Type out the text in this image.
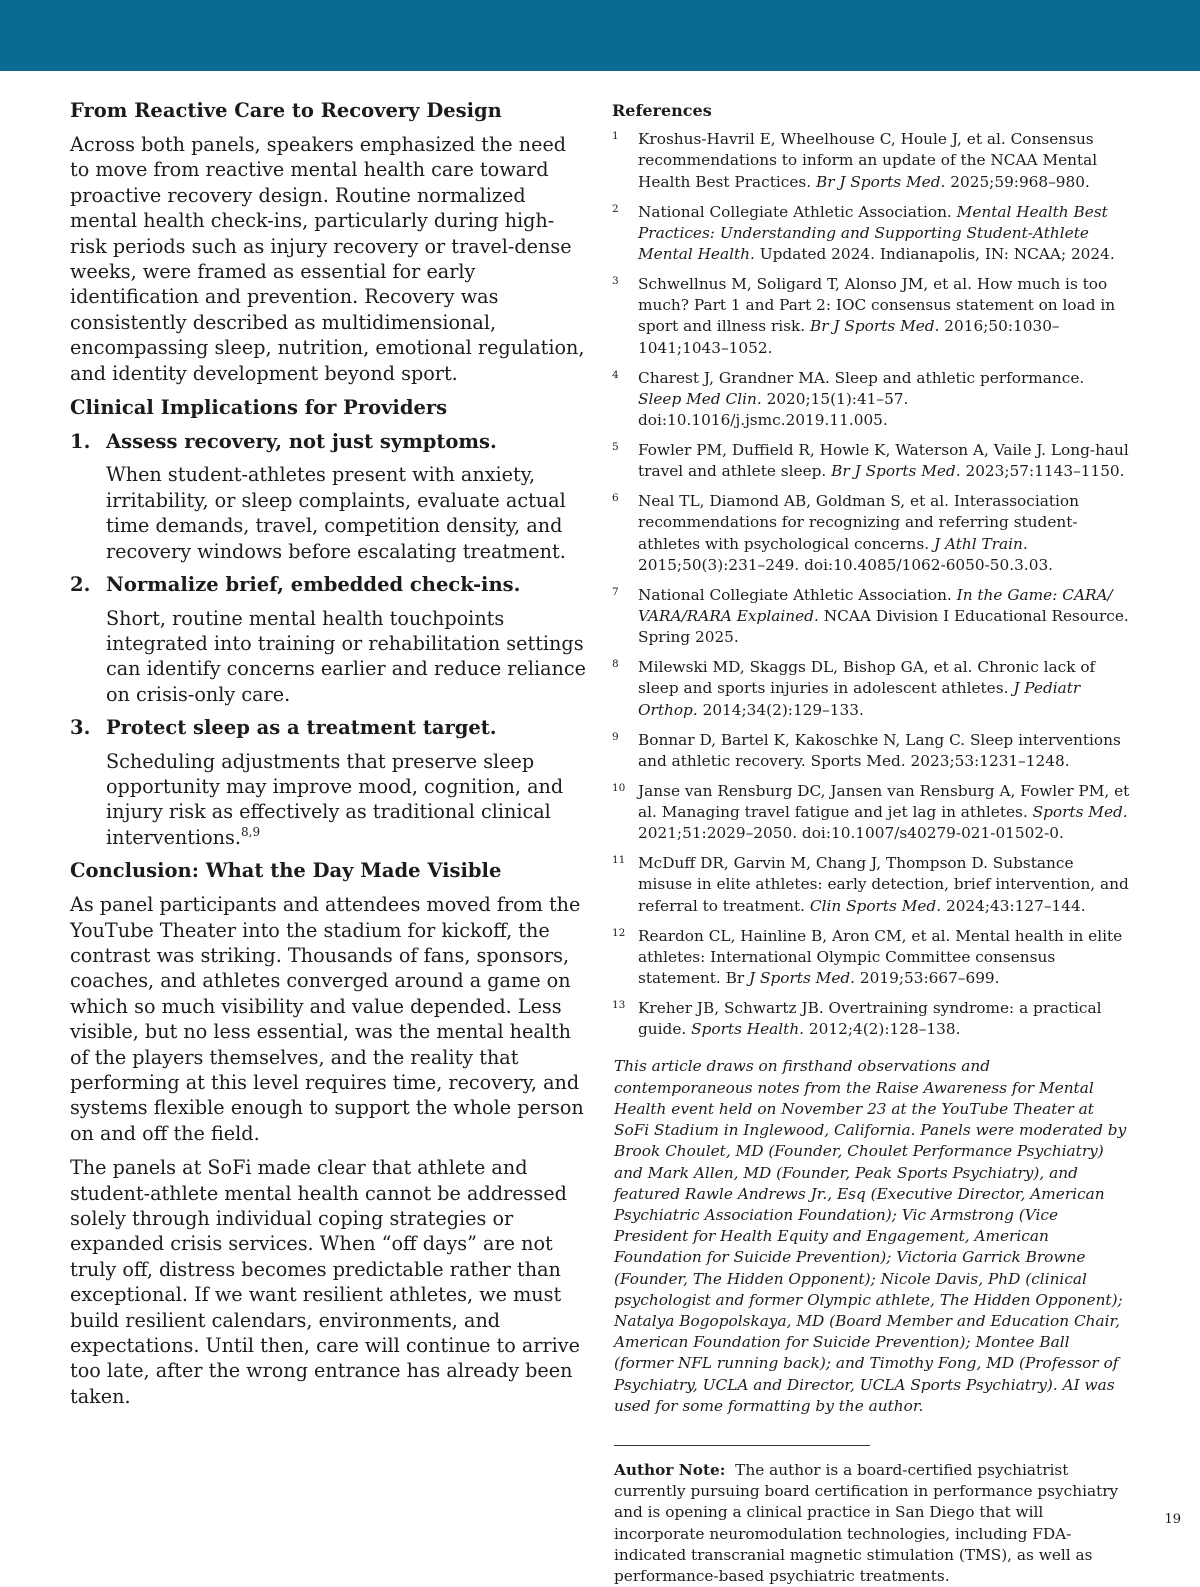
From Reactive Care to Recovery Design

Across both panels, speakers emphasized the need to move from reactive mental health care toward proactive recovery design. Routine normalized mental health check-ins, particularly during high-risk periods such as injury recovery or travel-dense weeks, were framed as essential for early identification and prevention. Recovery was consistently described as multidimensional, encompassing sleep, nutrition, emotional regulation, and identity development beyond sport.

Clinical Implications for Providers
1. Assess recovery, not just symptoms.
When student-athletes present with anxiety, irritability, or sleep complaints, evaluate actual time demands, travel, competition density, and recovery windows before escalating treatment.
2. Normalize brief, embedded check-ins.
Short, routine mental health touchpoints integrated into training or rehabilitation settings can identify concerns earlier and reduce reliance on crisis-only care.
3. Protect sleep as a treatment target.
Scheduling adjustments that preserve sleep opportunity may improve mood, cognition, and injury risk as effectively as traditional clinical interventions.$^{8,9}$
Conclusion: What the Day Made Visible

As panel participants and attendees moved from the YouTube Theater into the stadium for kickoff, the contrast was striking. Thousands of fans, sponsors, coaches, and athletes converged around a game on which so much visibility and value depended. Less visible, but no less essential, was the mental health of the players themselves, and the reality that performing at this level requires time, recovery, and systems flexible enough to support the whole person on and off the field.

The panels at SoFi made clear that athlete and student-athlete mental health cannot be addressed solely through individual coping strategies or expanded crisis services. When “off days” are not truly off, distress becomes predictable rather than exceptional. If we want resilient athletes, we must build resilient calendars, environments, and expectations. Until then, care will continue to arrive too late, after the wrong entrance has already been taken.

References
1	Kroshus-Havril E, Wheelhouse C, Houle J, et al. Consensus recommendations to inform an update of the NCAA Mental Health Best Practices. Br J Sports Med. 2025;59:968–980.
2	National Collegiate Athletic Association. Mental Health Best Practices: Understanding and Supporting Student-Athlete Mental Health. Updated 2024. Indianapolis, IN: NCAA; 2024.
3	Schwellnus M, Soligard T, Alonso JM, et al. How much is too much? Part 1 and Part 2: IOC consensus statement on load in sport and illness risk. Br J Sports Med. 2016;50:1030–1041;1043–1052.
4	Charest J, Grandner MA. Sleep and athletic performance. Sleep Med Clin. 2020;15(1):41–57. doi:10.1016/j.jsmc.2019.11.005.
5	Fowler PM, Duffield R, Howle K, Waterson A, Vaile J. Long-haul travel and athlete sleep. Br J Sports Med. 2023;57:1143–1150.
6	Neal TL, Diamond AB, Goldman S, et al. Interassociation recommendations for recognizing and referring student-athletes with psychological concerns. J Athl Train. 2015;50(3):231–249. doi:10.4085/1062-6050-50.3.03.
7	National Collegiate Athletic Association. In the Game: CARA/ VARA/RARA Explained. NCAA Division I Educational Resource. Spring 2025.
8	Milewski MD, Skaggs DL, Bishop GA, et al. Chronic lack of sleep and sports injuries in adolescent athletes. J Pediatr Orthop. 2014;34(2):129–133.
9	Bonnar D, Bartel K, Kakoschke N, Lang C. Sleep interventions and athletic recovery. Sports Med. 2023;53:1231–1248.
10 Janse van Rensburg DC, Jansen van Rensburg A, Fowler PM, et al. Managing travel fatigue and jet lag in athletes. Sports Med. 2021;51:2029–2050. doi:10.1007/s40279-021-01502-0.
11 McDuff DR, Garvin M, Chang J, Thompson D. Substance misuse in elite athletes: early detection, brief intervention, and referral to treatment. Clin Sports Med. 2024;43:127–144.
12 Reardon CL, Hainline B, Aron CM, et al. Mental health in elite athletes: International Olympic Committee consensus statement. Br J Sports Med. 2019;53:667–699.
13 Kreher JB, Schwartz JB. Overtraining syndrome: a practical guide. Sports Health. 2012;4(2):128–138.
This article draws on firsthand observations and contemporaneous notes from the Raise Awareness for Mental Health event held on November 23 at the YouTube Theater at SoFi Stadium in Inglewood, California. Panels were moderated by Brook Choulet, MD (Founder, Choulet Performance Psychiatry) and Mark Allen, MD (Founder, Peak Sports Psychiatry), and featured Rawle Andrews Jr., Esq (Executive Director, American Psychiatric Association Foundation); Vic Armstrong (Vice President for Health Equity and Engagement, American Foundation for Suicide Prevention); Victoria Garrick Browne (Founder, The Hidden Opponent); Nicole Davis, PhD (clinical psychologist and former Olympic athlete, The Hidden Opponent); Natalya Bogopolskaya, MD (Board Member and Education Chair, American Foundation for Suicide Prevention); Montee Ball (former NFL running back); and Timothy Fong, MD (Professor of Psychiatry, UCLA and Director, UCLA Sports Psychiatry). AI was used for some formatting by the author.
Author Note: The author is a board-certified psychiatrist currently pursuing board certification in performance psychiatry and is opening a clinical practice in San Diego that will incorporate neuromodulation technologies, including FDA-indicated transcranial magnetic stimulation (TMS), as well as performance-based psychiatric treatments.
19
